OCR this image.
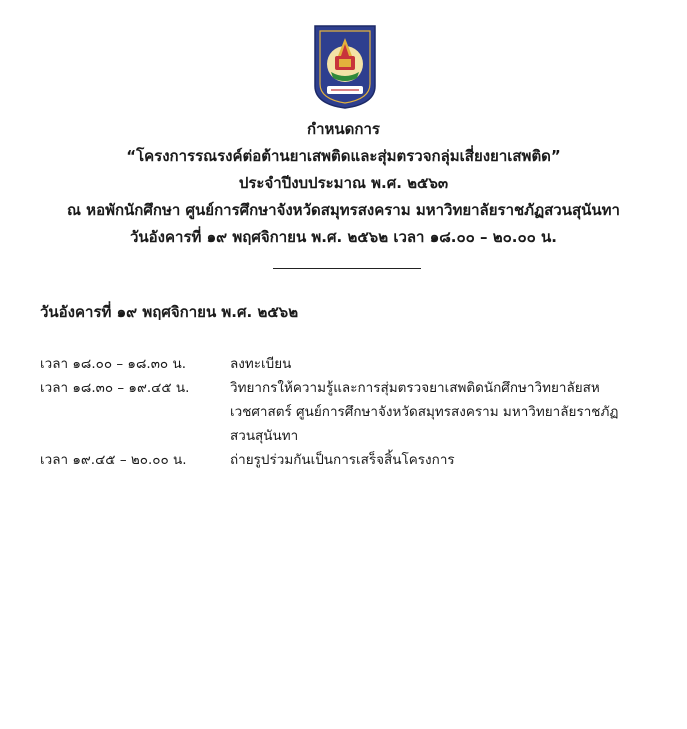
กำหนดการ
“โครงการรณรงค์ต่อต้านยาเสพติดและสุ่มตรวจกลุ่มเสี่ยงยาเสพติด”
ประจำปีงบประมาณ พ.ศ. ๒๕๖๓
ณ หอพักนักศึกษา ศูนย์การศึกษาจังหวัดสมุทรสงคราม มหาวิทยาลัยราชภัฏสวนสุนันทา
วันอังคารที่ ๑๙ พฤศจิกายน พ.ศ. ๒๕๖๒ เวลา ๑๘.๐๐ – ๒๐.๐๐ น.
วันอังคารที่ ๑๙ พฤศจิกายน พ.ศ. ๒๕๖๒
เวลา ๑๘.๐๐ – ๑๘.๓๐ น.	ลงทะเบียน
เวลา ๑๘.๓๐ – ๑๙.๔๕ น.	วิทยากรให้ความรู้และการสุ่มตรวจยาเสพติดนักศึกษาวิทยาลัยสหเวชศาสตร์ ศูนย์การศึกษาจังหวัดสมุทรสงคราม มหาวิทยาลัยราชภัฏสวนสุนันทา
เวลา ๑๙.๔๕ – ๒๐.๐๐ น.	ถ่ายรูปร่วมกันเป็นการเสร็จสิ้นโครงการ
